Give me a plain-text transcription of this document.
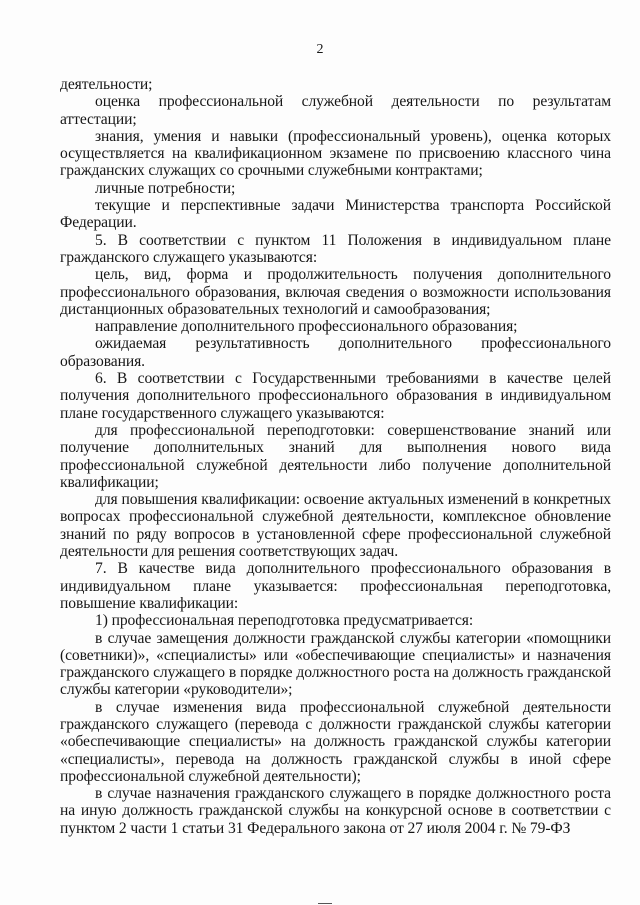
2

деятельности;

оценка профессиональной служебной деятельности по результатам аттестации;

знания, умения и навыки (профессиональный уровень), оценка которых осуществляется на квалификационном экзамене по присвоению классного чина гражданских служащих со срочными служебными контрактами;

личные потребности;

текущие и перспективные задачи Министерства транспорта Российской Федерации.

5. В соответствии с пунктом 11 Положения в индивидуальном плане гражданского служащего указываются:

цель, вид, форма и продолжительность получения дополнительного профессионального образования, включая сведения о возможности использования дистанционных образовательных технологий и самообразования;

направление дополнительного профессионального образования;

ожидаемая результативность дополнительного профессионального образования.

6. В соответствии с Государственными требованиями в качестве целей получения дополнительного профессионального образования в индивидуальном плане государственного служащего указываются:

для профессиональной переподготовки: совершенствование знаний или получение дополнительных знаний для выполнения нового вида профессиональной служебной деятельности либо получение дополнительной квалификации;

для повышения квалификации: освоение актуальных изменений в конкретных вопросах профессиональной служебной деятельности, комплексное обновление знаний по ряду вопросов в установленной сфере профессиональной служебной деятельности для решения соответствующих задач.

7. В качестве вида дополнительного профессионального образования в индивидуальном плане указывается: профессиональная переподготовка, повышение квалификации:

1) профессиональная переподготовка предусматривается:

в случае замещения должности гражданской службы категории «помощники (советники)», «специалисты» или «обеспечивающие специалисты» и назначения гражданского служащего в порядке должностного роста на должность гражданской службы категории «руководители»;

в случае изменения вида профессиональной служебной деятельности гражданского служащего (перевода с должности гражданской службы категории «обеспечивающие специалисты» на должность гражданской службы категории «специалисты», перевода на должность гражданской службы в иной сфере профессиональной служебной деятельности);

в случае назначения гражданского служащего в порядке должностного роста на иную должность гражданской службы на конкурсной основе в соответствии с пунктом 2 части 1 статьи 31 Федерального закона от 27 июля 2004 г. № 79-ФЗ
